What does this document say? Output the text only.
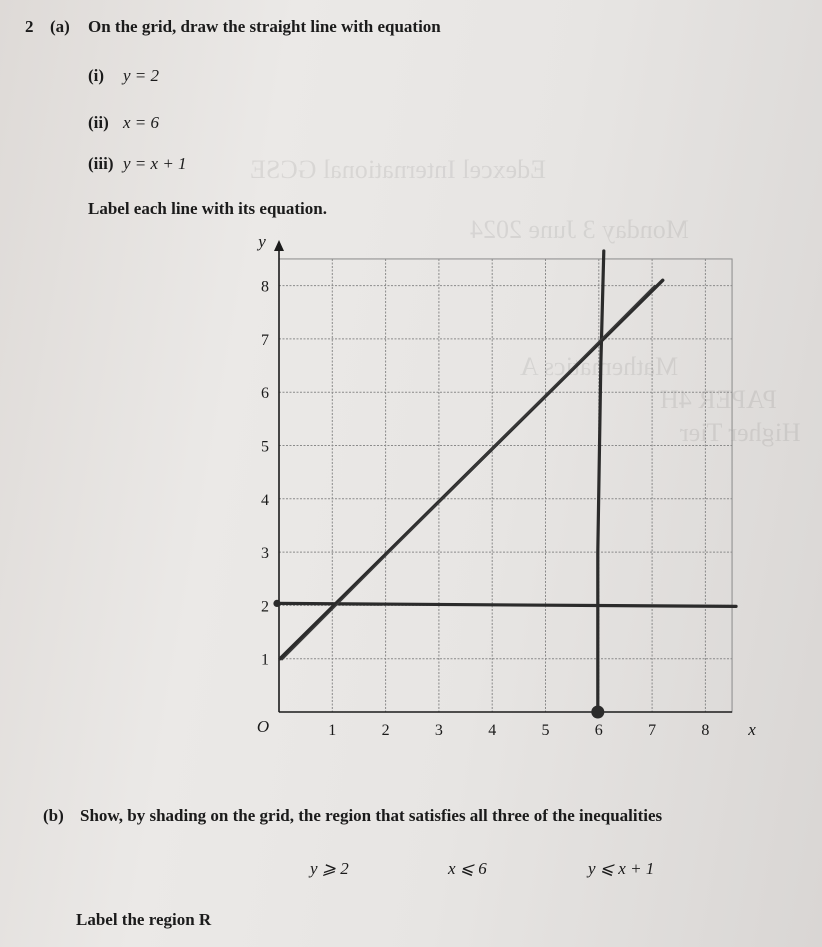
Edexcel International GCSE
Mathematics A
Monday 3 June 2024
PAPER 4H
Higher Tier
2 (a) On the grid, draw the straight line with equation
(i) y = 2
(ii) x = 6
(iii) y = x + 1
Label each line with its equation.
1	2	3	4	5	6	7	8
1
2
3
4
5
6
7
8
O	x
y
(b) Show, by shading on the grid, the region that satisfies all three of the inequalities
y ⩾ 2	x ⩽ 6	y ⩽ x + 1
Label the region R
